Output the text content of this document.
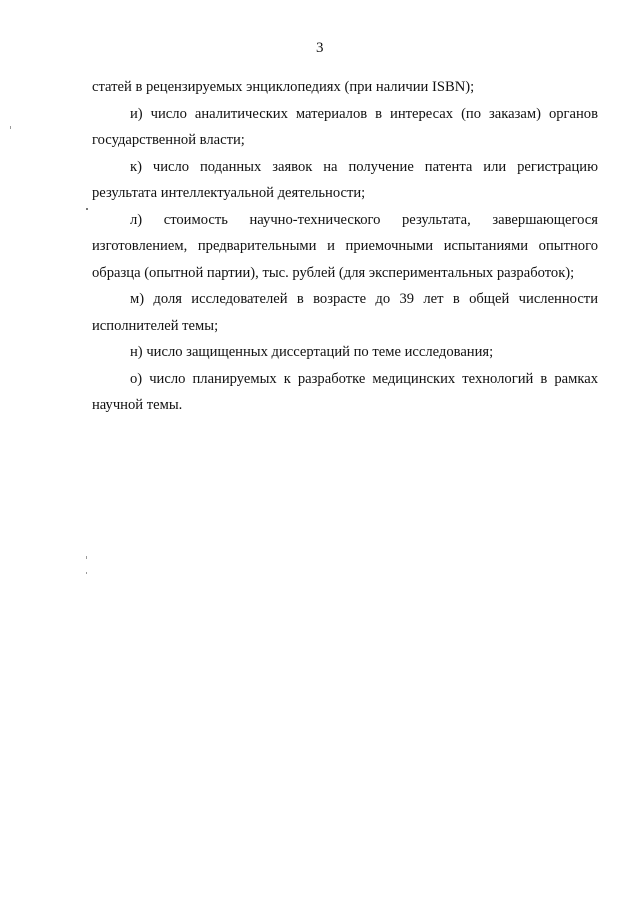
3

статей в рецензируемых энциклопедиях (при наличии ISBN);

и) число аналитических материалов в интересах (по заказам) органов государственной власти;

к) число поданных заявок на получение патента или регистрацию результата интеллектуальной деятельности;

л) стоимость научно-технического результата, завершающегося изготовлением, предварительными и приемочными испытаниями опытного образца (опытной партии), тыс. рублей (для экспериментальных разработок);

м) доля исследователей в возрасте до 39 лет в общей численности исполнителей темы;

н) число защищенных диссертаций по теме исследования;

о) число планируемых к разработке медицинских технологий в рамках научной темы.
